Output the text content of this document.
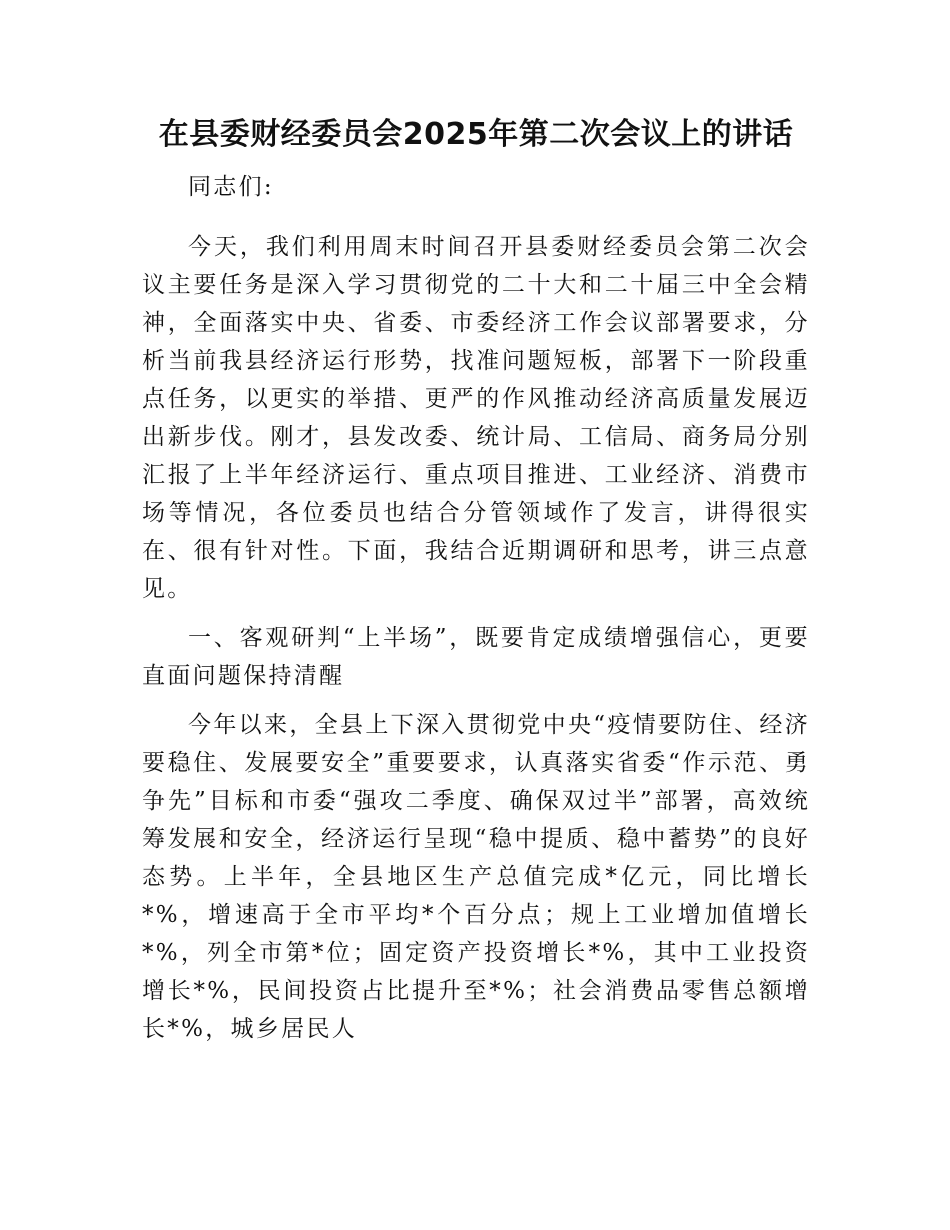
在县委财经委员会2025年第二次会议上的讲话

同志们:

今天，我们利用周末时间召开县委财经委员会第二次会议主要任务是深入学习贯彻党的二十大和二十届三中全会精神，全面落实中央、省委、市委经济工作会议部署要求，分析当前我县经济运行形势，找准问题短板，部署下一阶段重点任务，以更实的举措、更严的作风推动经济高质量发展迈出新步伐。刚才，县发改委、统计局、工信局、商务局分别汇报了上半年经济运行、重点项目推进、工业经济、消费市场等情况，各位委员也结合分管领域作了发言，讲得很实在、很有针对性。下面，我结合近期调研和思考，讲三点意见。

一、客观研判“上半场”，既要肯定成绩增强信心，更要直面问题保持清醒

今年以来，全县上下深入贯彻党中央“疫情要防住、经济要稳住、发展要安全”重要要求，认真落实省委“作示范、勇争先”目标和市委“强攻二季度、确保双过半”部署，高效统筹发展和安全，经济运行呈现“稳中提质、稳中蓄势”的良好态势。上半年，全县地区生产总值完成*亿元，同比增长*%，增速高于全市平均*个百分点；规上工业增加值增长*%，列全市第*位；固定资产投资增长*%，其中工业投资增长*%，民间投资占比提升至*%；社会消费品零售总额增长*%，城乡居民人
